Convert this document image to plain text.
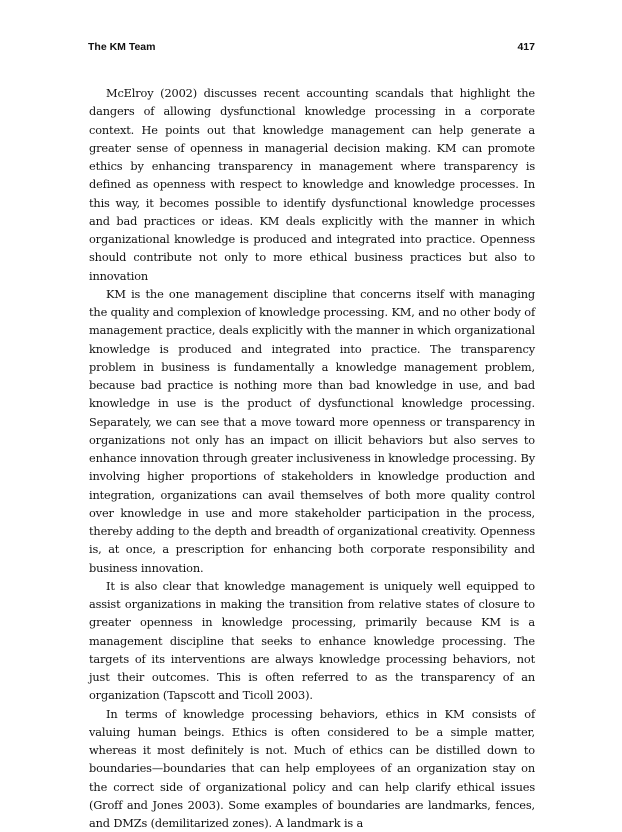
The KM Team	417

McElroy (2002) discusses recent accounting scandals that highlight the dangers of allowing dysfunctional knowledge processing in a corporate context. He points out that knowledge management can help generate a greater sense of openness in managerial decision making. KM can promote ethics by enhancing transparency in management where transparency is defined as openness with respect to knowledge and knowledge processes. In this way, it becomes possible to identify dysfunctional knowledge processes and bad practices or ideas. KM deals explicitly with the manner in which organizational knowledge is produced and integrated into practice. Openness should contribute not only to more ethical business practices but also to innovation

KM is the one management discipline that concerns itself with managing the quality and complexion of knowledge processing. KM, and no other body of management practice, deals explicitly with the manner in which organizational knowledge is produced and integrated into practice. The transparency problem in business is fundamentally a knowledge management problem, because bad practice is nothing more than bad knowledge in use, and bad knowledge in use is the product of dysfunctional knowledge processing. Separately, we can see that a move toward more openness or transparency in organizations not only has an impact on illicit behaviors but also serves to enhance innovation through greater inclusiveness in knowledge processing. By involving higher proportions of stakeholders in knowledge production and integration, organizations can avail themselves of both more quality control over knowledge in use and more stakeholder participation in the process, thereby adding to the depth and breadth of organizational creativity. Openness is, at once, a prescription for enhancing both corporate responsibility and business innovation.

It is also clear that knowledge management is uniquely well equipped to assist organizations in making the transition from relative states of closure to greater openness in knowledge processing, primarily because KM is a management discipline that seeks to enhance knowledge processing. The targets of its interventions are always knowledge processing behaviors, not just their outcomes. This is often referred to as the transparency of an organization (Tapscott and Ticoll 2003).

In terms of knowledge processing behaviors, ethics in KM consists of valuing human beings. Ethics is often considered to be a simple matter, whereas it most definitely is not. Much of ethics can be distilled down to boundaries—boundaries that can help employees of an organization stay on the correct side of organizational policy and can help clarify ethical issues (Groff and Jones 2003). Some examples of boundaries are landmarks, fences, and DMZs (demilitarized zones). A landmark is a
